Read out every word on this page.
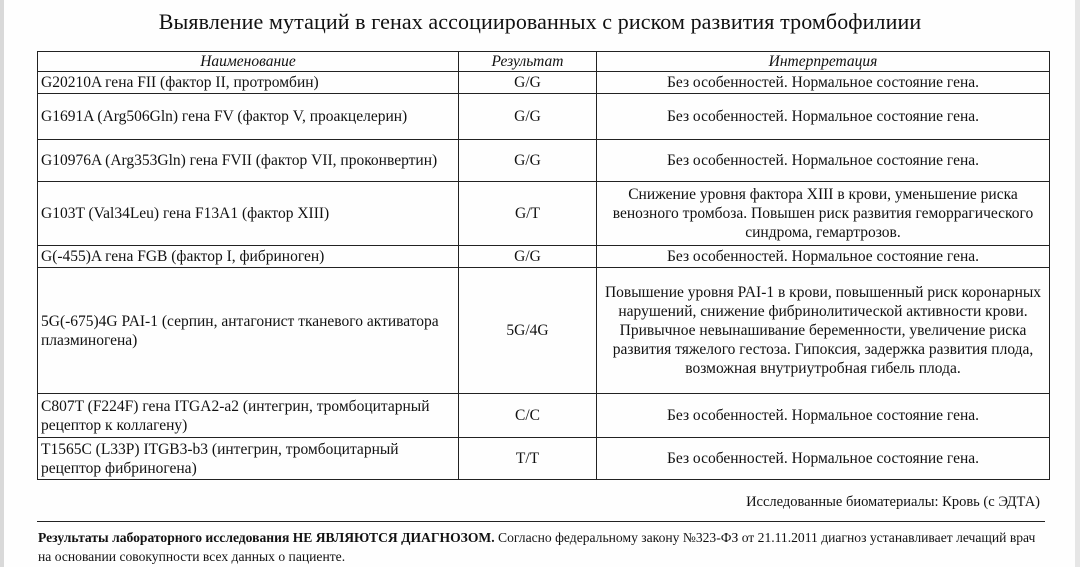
Выявление мутаций в генах ассоциированных с риском развития тромбофилиии
Наименование	Результат	Интерпретация
G20210A гена FII (фактор II, протромбин)	G/G	Без особенностей. Нормальное состояние гена.
G1691A (Arg506Gln) гена FV (фактор V, проакцелерин)	G/G	Без особенностей. Нормальное состояние гена.
G10976A (Arg353Gln) гена FVII (фактор VII, проконвертин)	G/G	Без особенностей. Нормальное состояние гена.
G103T (Val34Leu) гена F13A1 (фактор XIII)	G/T	Снижение уровня фактора XIII в крови, уменьшение риска венозного тромбоза. Повышен риск развития геморрагического синдрома, гемартрозов.
G(-455)A гена FGB (фактор I, фибриноген)	G/G	Без особенностей. Нормальное состояние гена.
5G(-675)4G PAI-1 (серпин, антагонист тканевого активатора плазминогена)	5G/4G	Повышение уровня PAI-1 в крови, повышенный риск коронарных нарушений, снижение фибринолитической активности крови. Привычное невынашивание беременности, увеличение риска развития тяжелого гестоза. Гипоксия, задержка развития плода, возможная внутриутробная гибель плода.
C807T (F224F) гена ITGA2-a2 (интегрин, тромбоцитарный рецептор к коллагену)	C/C	Без особенностей. Нормальное состояние гена.
T1565C (L33P) ITGB3-b3 (интегрин, тромбоцитарный рецептор фибриногена)	T/T	Без особенностей. Нормальное состояние гена.
Исследованные биоматериалы: Кровь (с ЭДТА)
Результаты лабораторного исследования НЕ ЯВЛЯЮТСЯ ДИАГНОЗОМ. Согласно федеральному закону №323-ФЗ от 21.11.2011 диагноз устанавливает лечащий врач на основании совокупности всех данных о пациенте.
